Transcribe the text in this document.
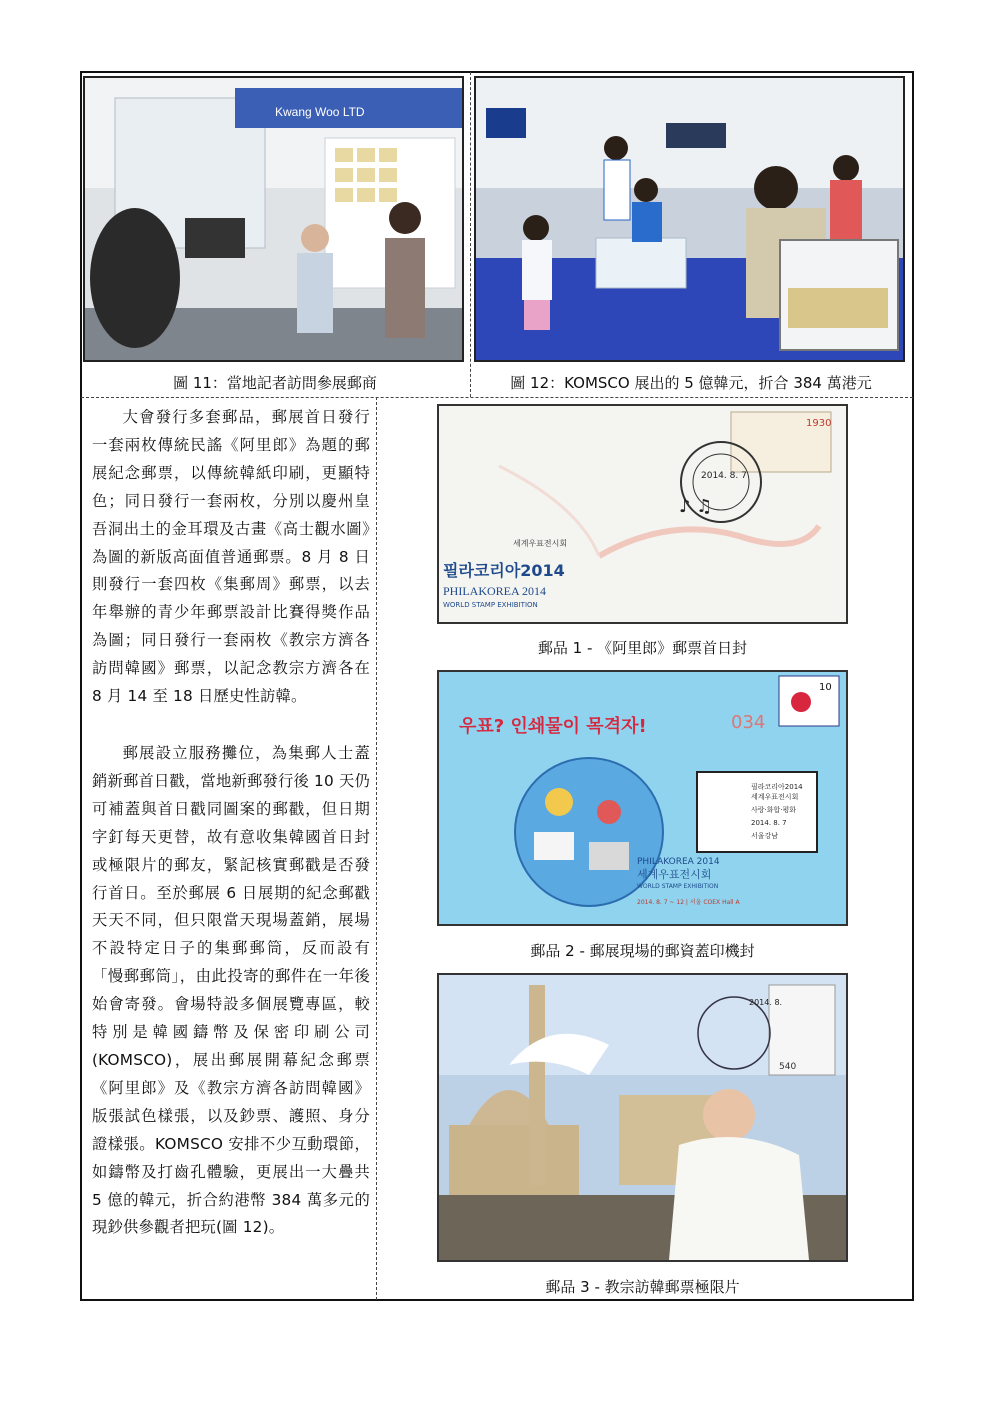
Kwang Woo LTD
圖 11：當地記者訪問參展郵商	圖 12：KOMSCO 展出的 5 億韓元，折合 384 萬港元

大會發行多套郵品，郵展首日發行一套兩枚傳統民謠《阿里郎》為題的郵展紀念郵票，以傳統韓紙印刷，更顯特色；同日發行一套兩枚，分別以慶州皇吾洞出土的金耳環及古畫《高士觀水圖》為圖的新版高面值普通郵票。8 月 8 日則發行一套四枚《集郵周》郵票，以去年舉辦的青少年郵票設計比賽得獎作品為圖；同日發行一套兩枚《教宗方濟各訪問韓國》郵票，以記念教宗方濟各在 8 月 14 至 18 日歷史性訪韓。

郵展設立服務攤位，為集郵人士蓋銷新郵首日戳，當地新郵發行後 10 天仍可補蓋與首日戳同圖案的郵戳，但日期字釘每天更替，故有意收集韓國首日封或極限片的郵友，緊記核實郵戳是否發行首日。至於郵展 6 日展期的紀念郵戳天天不同，但只限當天現場蓋銷，展場不設特定日子的集郵郵筒，反而設有「慢郵郵筒」，由此投寄的郵件在一年後始會寄發。會場特設多個展覽專區，較特別是韓國鑄幣及保密印刷公司(KOMSCO)，展出郵展開幕紀念郵票《阿里郎》及《教宗方濟各訪問韓國》版張試色樣張，以及鈔票、護照、身分證樣張。KOMSCO 安排不少互動環節，如鑄幣及打齒孔體驗，更展出一大疊共 5 億的韓元，折合約港幣 384 萬多元的現鈔供參觀者把玩(圖 12)。

1930
2014. 8. 7
♪ ♫
세계우표전시회
필라코리아2014
PHILAKOREA 2014
WORLD STAMP EXHIBITION
郵品 1 - 《阿里郎》郵票首日封
우표? 인쇄물이 목격자!
10
034
필라코리아2014
세계우표전시회
사랑·화합·평화
2014. 8. 7
서울강남
PHILAKOREA 2014
세계우표전시회
WORLD STAMP EXHIBITION
2014. 8. 7 ~ 12 | 서울 COEX Hall A
郵品 2 - 郵展現場的郵資蓋印機封
540
2014. 8.
郵品 3 - 教宗訪韓郵票極限片
